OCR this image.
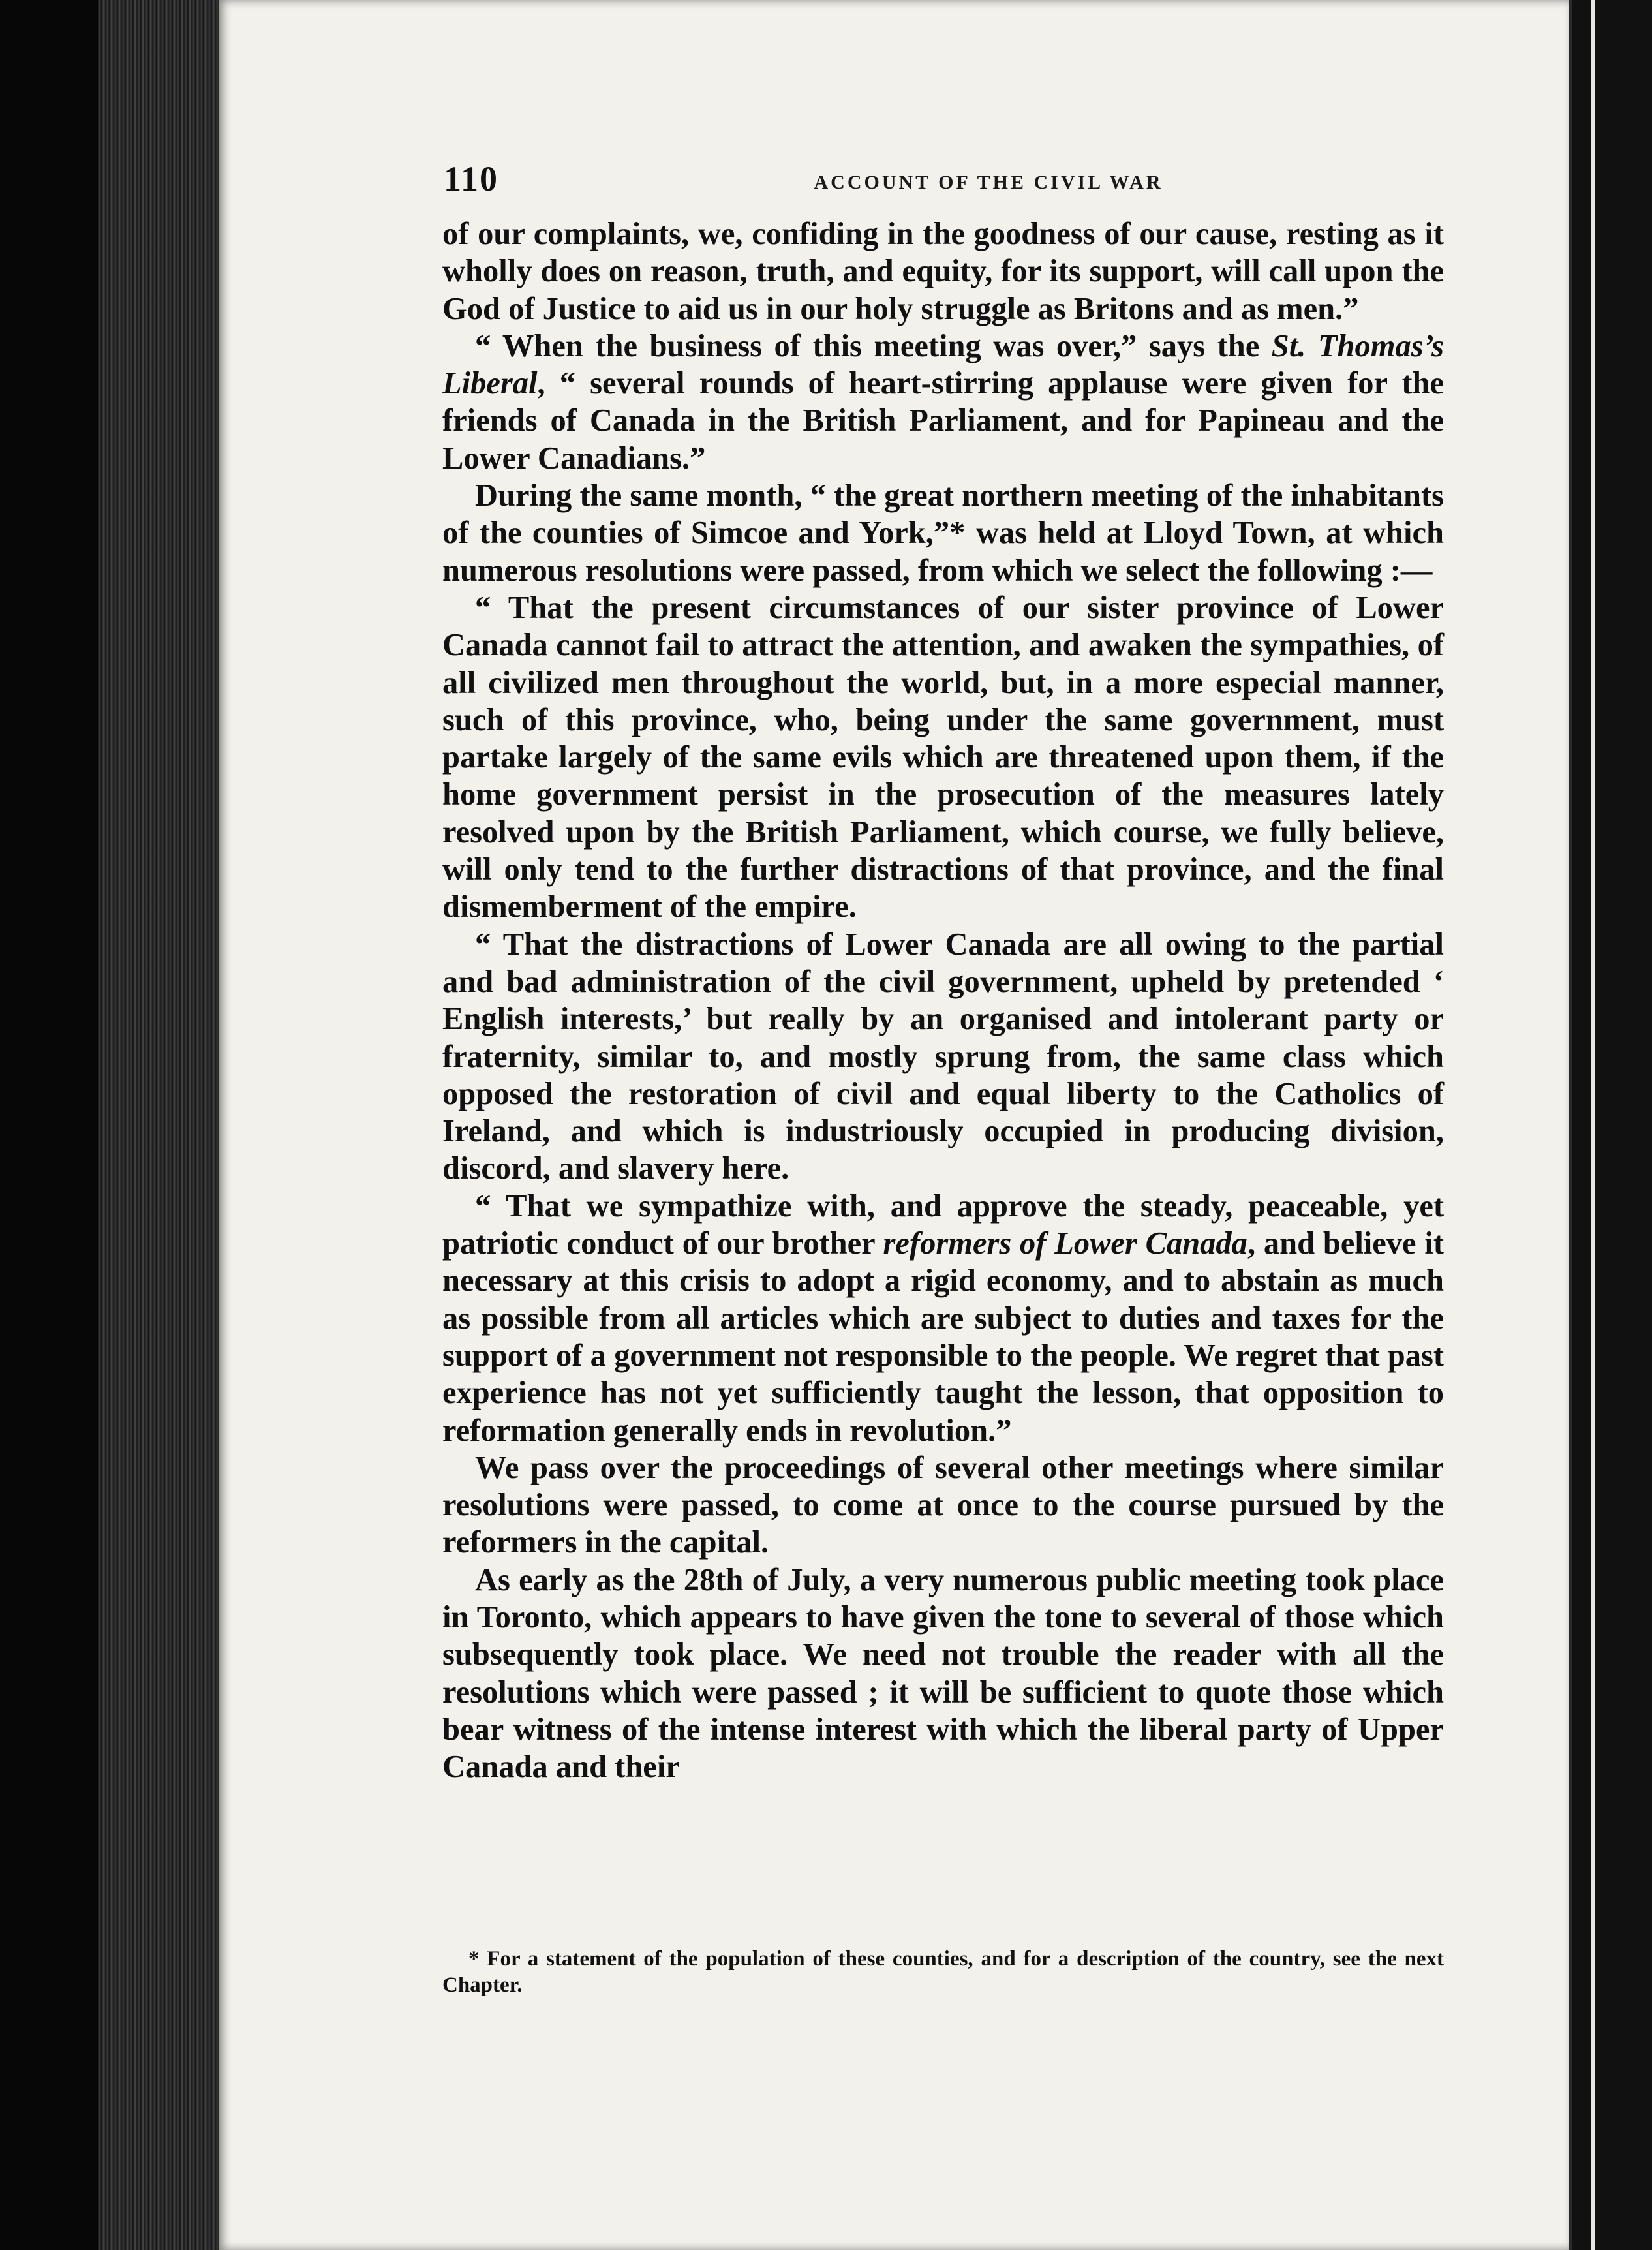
110	ACCOUNT OF THE CIVIL WAR

of our complaints, we, confiding in the goodness of our cause, resting as it wholly does on reason, truth, and equity, for its support, will call upon the God of Justice to aid us in our holy struggle as Britons and as men.”

“ When the business of this meeting was over,” says the St. Thomas’s Liberal, “ several rounds of heart-stirring applause were given for the friends of Canada in the British Parliament, and for Papineau and the Lower Canadians.”

During the same month, “ the great northern meeting of the inhabitants of the counties of Simcoe and York,”* was held at Lloyd Town, at which numerous resolutions were passed, from which we select the following :—

“ That the present circumstances of our sister province of Lower Canada cannot fail to attract the attention, and awaken the sympathies, of all civilized men throughout the world, but, in a more especial manner, such of this province, who, being under the same government, must partake largely of the same evils which are threatened upon them, if the home government persist in the prosecution of the measures lately resolved upon by the British Parliament, which course, we fully believe, will only tend to the further distractions of that province, and the final dismemberment of the empire.

“ That the distractions of Lower Canada are all owing to the partial and bad administration of the civil government, upheld by pretended ‘ English interests,’ but really by an organised and intolerant party or fraternity, similar to, and mostly sprung from, the same class which opposed the restoration of civil and equal liberty to the Catholics of Ireland, and which is industriously occupied in producing division, discord, and slavery here.

“ That we sympathize with, and approve the steady, peaceable, yet patriotic conduct of our brother reformers of Lower Canada, and believe it necessary at this crisis to adopt a rigid economy, and to abstain as much as possible from all articles which are subject to duties and taxes for the support of a government not responsible to the people. We regret that past experience has not yet sufficiently taught the lesson, that opposition to reformation generally ends in revolution.”

We pass over the proceedings of several other meetings where similar resolutions were passed, to come at once to the course pursued by the reformers in the capital.

As early as the 28th of July, a very numerous public meeting took place in Toronto, which appears to have given the tone to several of those which subsequently took place. We need not trouble the reader with all the resolutions which were passed ; it will be sufficient to quote those which bear witness of the intense interest with which the liberal party of Upper Canada and their

* For a statement of the population of these counties, and for a description of the country, see the next Chapter.
